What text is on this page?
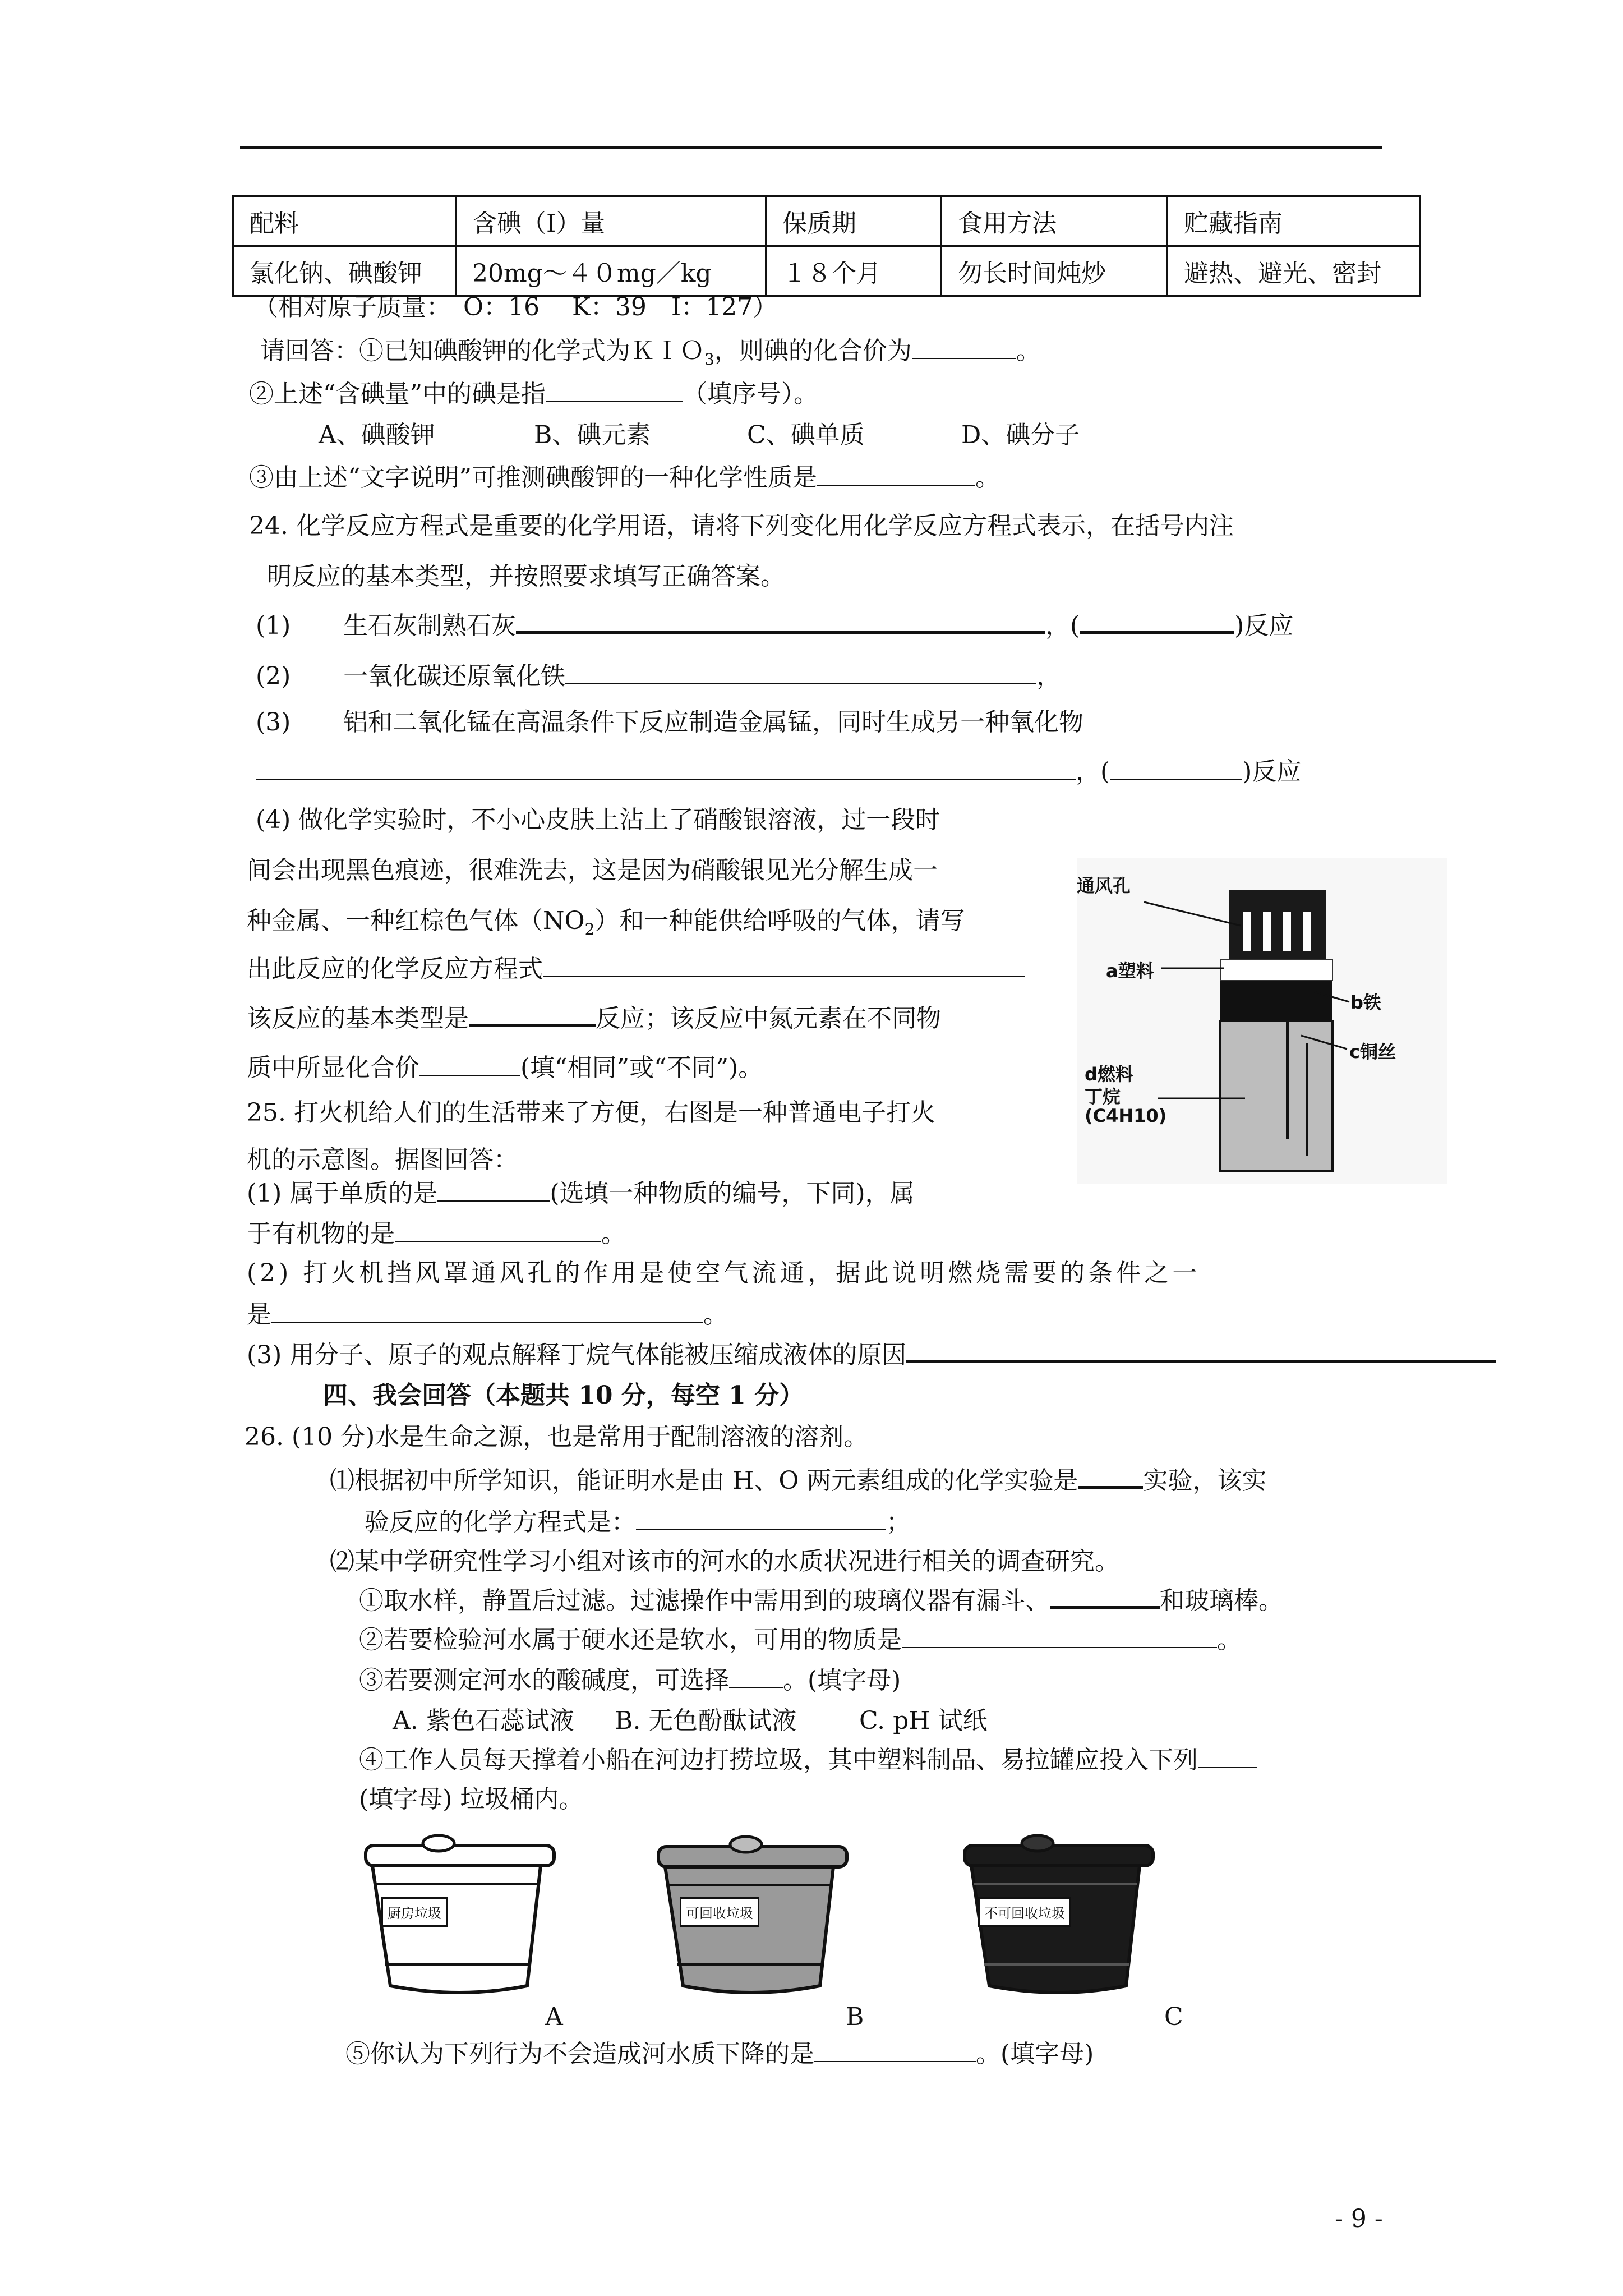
配料	含碘（I）量	保质期	食用方法	贮藏指南
氯化钠、碘酸钾	20mg～４０mg／kg	１８个月	勿长时间炖炒	避热、避光、密封
（相对原子质量：　O：16　 K：39　I：127）
请回答：①已知碘酸钾的化学式为ＫＩＯ$_3$，则碘的化合价为	。
②上述“含碘量”中的碘是指	（填序号）。
A、碘酸钾	B、碘元素	C、碘单质	D、碘分子
③由上述“文字说明”可推测碘酸钾的一种化学性质是	。
24. 化学反应方程式是重要的化学用语，请将下列变化用化学反应方程式表示，在括号内注
明反应的基本类型，并按照要求填写正确答案。
(1) 生石灰制熟石灰	，(	)反应
(2) 一氧化碳还原氧化铁	，
(3) 铝和二氧化锰在高温条件下反应制造金属锰，同时生成另一种氧化物
，(	)反应
(4) 做化学实验时，不小心皮肤上沾上了硝酸银溶液，过一段时
间会出现黑色痕迹，很难洗去，这是因为硝酸银见光分解生成一
种金属、一种红棕色气体$(NO_2)$和一种能供给呼吸的气体，请写
出此反应的化学反应方程式
该反应的基本类型是	反应；该反应中氮元素在不同物
质中所显化合价	(填“相同”或“不同”)。
通风孔
a塑料
b铁
c铜丝
d燃料
丁烷
(C4H10)
25. 打火机给人们的生活带来了方便，右图是一种普通电子打火
机的示意图。据图回答：
(1) 属于单质的是	(选填一种物质的编号，下同)，属
于有机物的是	。
(2) 打火机挡风罩通风孔的作用是使空气流通，据此说明燃烧需要的条件之一
是	。
(3) 用分子、原子的观点解释丁烷气体能被压缩成液体的原因
四、我会回答（本题共 10 分，每空 1 分）
26. (10 分)水是生命之源，也是常用于配制溶液的溶剂。
⑴根据初中所学知识，能证明水是由 H、O 两元素组成的化学实验是	实验，该实
验反应的化学方程式是：	；
⑵某中学研究性学习小组对该市的河水的水质状况进行相关的调查研究。
①取水样，静置后过滤。过滤操作中需用到的玻璃仪器有漏斗、	和玻璃棒。
②若要检验河水属于硬水还是软水，可用的物质是	。
③若要测定河水的酸碱度，可选择 。(填字母)
A. 紫色石蕊试液 B. 无色酚酞试液	C. pH 试纸
④工作人员每天撑着小船在河边打捞垃圾，其中塑料制品、易拉罐应投入下列
(填字母) 垃圾桶内。
厨房垃圾	可回收垃圾	不可回收垃圾
A	B	C
⑤你认为下列行为不会造成河水质下降的是	。(填字母)
- 9 -
